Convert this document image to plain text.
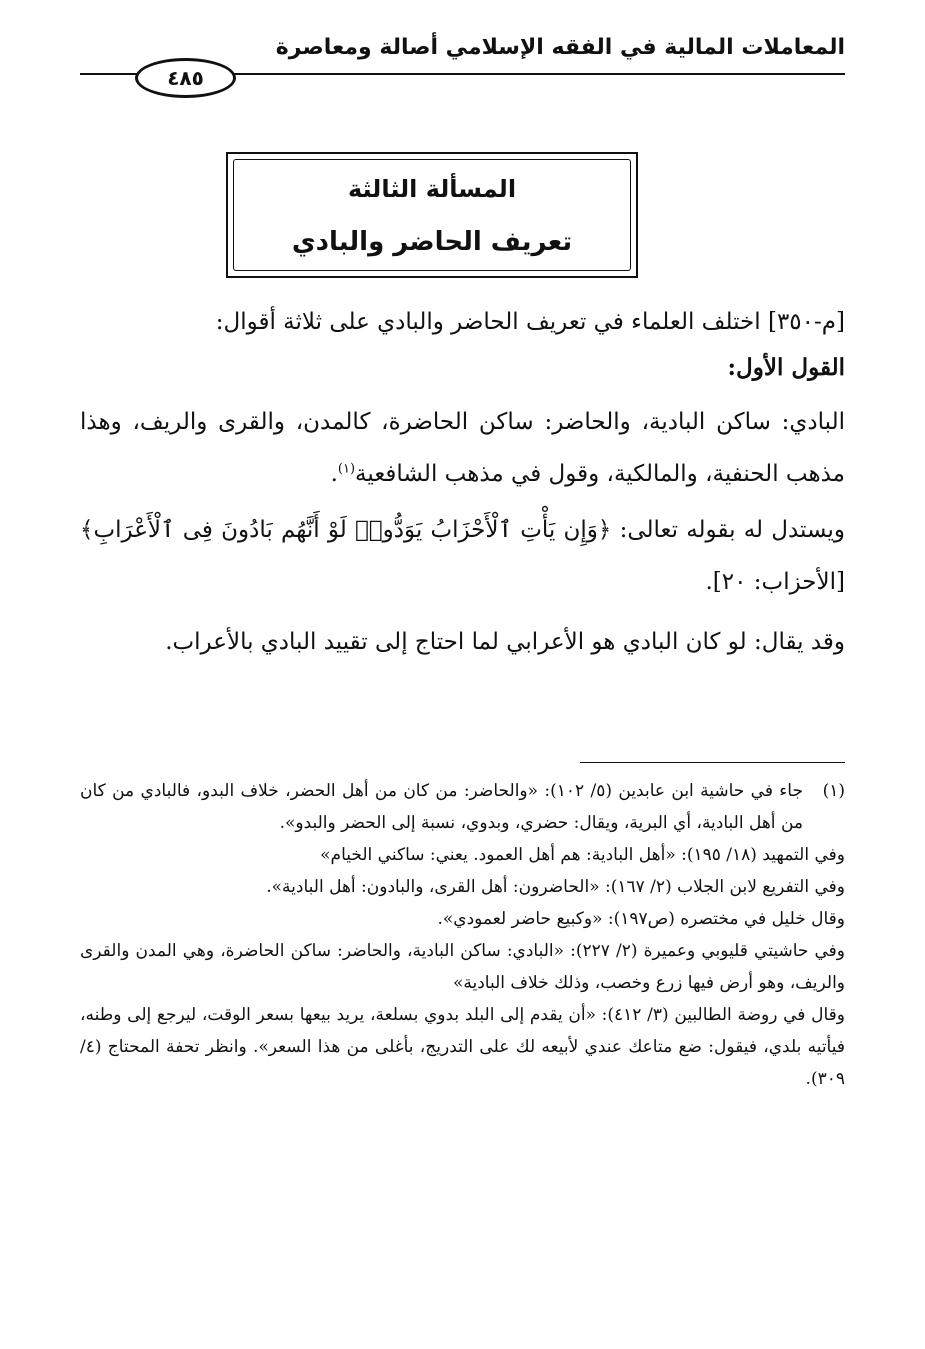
المعاملات المالية في الفقه الإسلامي أصالة ومعاصرة
٤٨٥
المسألة الثالثة
تعريف الحاضر والبادي

[م-٣٥٠] اختلف العلماء في تعريف الحاضر والبادي على ثلاثة أقوال:

القول الأول:

البادي: ساكن البادية، والحاضر: ساكن الحاضرة، كالمدن، والقرى والريف، وهذا مذهب الحنفية، والمالكية، وقول في مذهب الشافعية$^{(١)}$.

ويستدل له بقوله تعالى: ﴿وَإِن يَأْتِ ٱلْأَحْزَابُ يَوَدُّوا۟ لَوْ أَنَّهُم بَادُونَ فِى ٱلْأَعْرَابِ﴾ [الأحزاب: ٢٠].

وقد يقال: لو كان البادي هو الأعرابي لما احتاج إلى تقييد البادي بالأعراب.

(١)
جاء في حاشية ابن عابدين (٥/ ١٠٢): «والحاضر: من كان من أهل الحضر، خلاف البدو، فالبادي من كان من أهل البادية، أي البرية، ويقال: حضري، وبدوي، نسبة إلى الحضر والبدو».

وفي التمهيد (١٨/ ١٩٥): «أهل البادية: هم أهل العمود. يعني: ساكني الخيام»

وفي التفريع لابن الجلاب (٢/ ١٦٧): «الحاضرون: أهل القرى، والبادون: أهل البادية».

وقال خليل في مختصره (ص١٩٧): «وكبيع حاضر لعمودي».

وفي حاشيتي قليوبي وعميرة (٢/ ٢٢٧): «البادي: ساكن البادية، والحاضر: ساكن الحاضرة، وهي المدن والقرى والريف، وهو أرض فيها زرع وخصب، وذلك خلاف البادية»

وقال في روضة الطالبين (٣/ ٤١٢): «أن يقدم إلى البلد بدوي بسلعة، يريد بيعها بسعر الوقت، ليرجع إلى وطنه، فيأتيه بلدي، فيقول: ضع متاعك عندي لأبيعه لك على التدريج، بأغلى من هذا السعر». وانظر تحفة المحتاج (٤/ ٣٠٩).
